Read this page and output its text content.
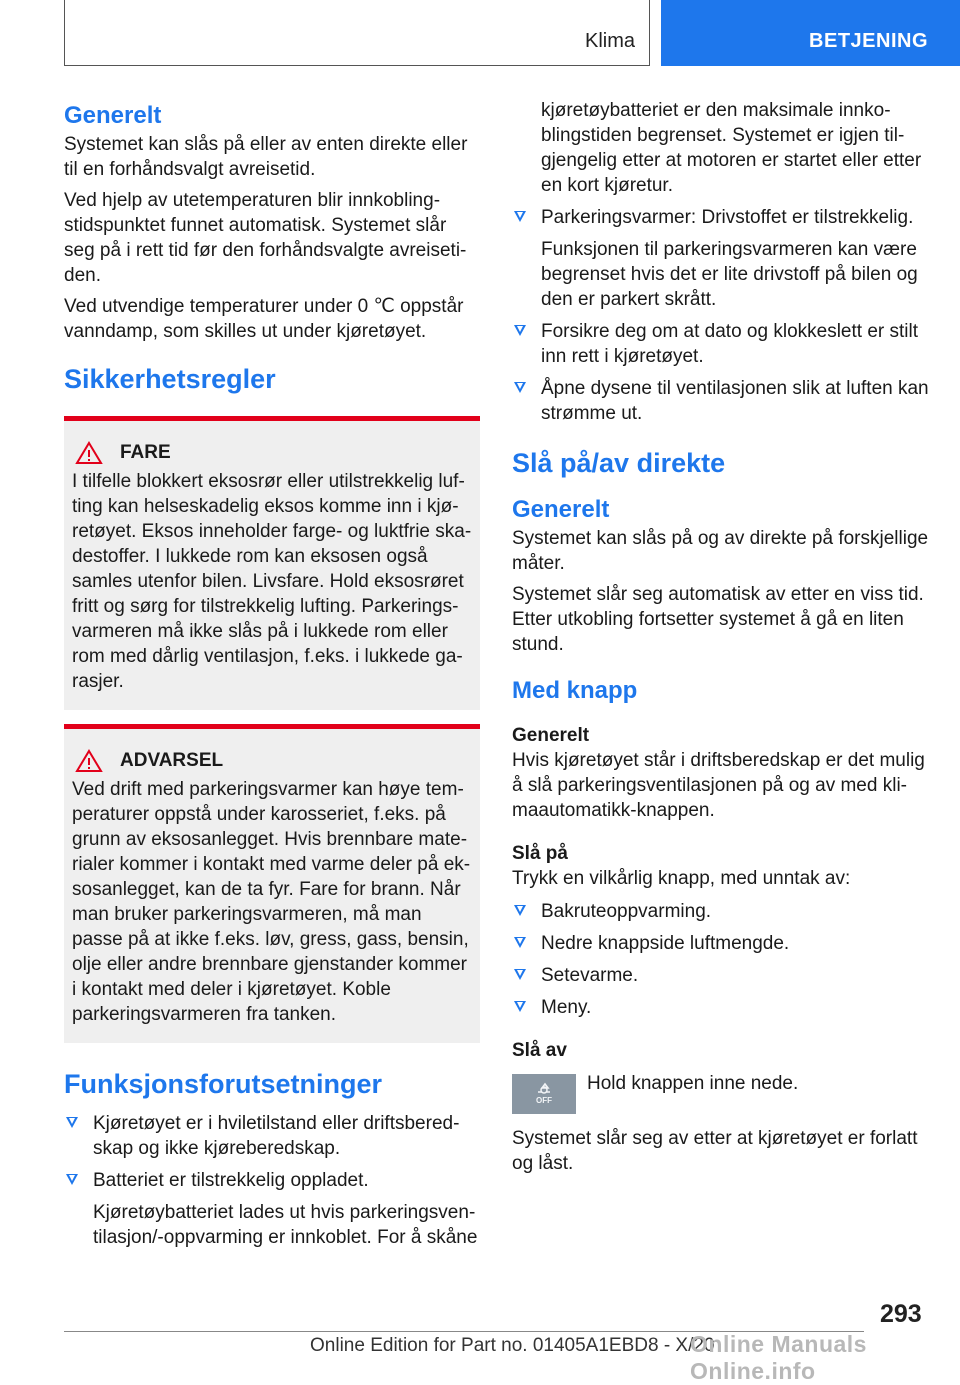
Klima	BETJENING
Generelt
Systemet kan slås på eller av enten direkte eller til en forhåndsvalgt avreisetid.
Ved hjelp av utetemperaturen blir innkoblingstidspunktet funnet automatisk. Systemet slår seg på i rett tid før den forhåndsvalgte avreisetiden.
Ved utvendige temperaturer under 0 ℃ oppstår vanndamp, som skilles ut under kjøretøyet.
Sikkerhetsregler
FARE
I tilfelle blokkert eksosrør eller utilstrekkelig lufting kan helseskadelig eksos komme inn i kjøretøyet. Eksos inneholder farge- og luktfrie skadestoffer. I lukkede rom kan eksosen også samles utenfor bilen. Livsfare. Hold eksosrøret fritt og sørg for tilstrekkelig lufting. Parkeringsvarmeren må ikke slås på i lukkede rom eller rom med dårlig ventilasjon, f.eks. i lukkede garasjer.
ADVARSEL
Ved drift med parkeringsvarmer kan høye temperaturer oppstå under karosseriet, f.eks. på grunn av eksosanlegget. Hvis brennbare materialer kommer i kontakt med varme deler på eksosanlegget, kan de ta fyr. Fare for brann. Når man bruker parkeringsvarmeren, må man passe på at ikke f.eks. løv, gress, gass, bensin, olje eller andre brennbare gjenstander kommer i kontakt med deler i kjøretøyet. Koble parkeringsvarmeren fra tanken.
Funksjonsforutsetninger
Kjøretøyet er i hviletilstand eller driftsberedskap og ikke kjøreberedskap.
Batteriet er tilstrekkelig oppladet.
Kjøretøybatteriet lades ut hvis parkeringsventilasjon/-oppvarming er innkoblet. For å skåne
kjøretøybatteriet er den maksimale innkoblingstiden begrenset. Systemet er igjen tilgjengelig etter at motoren er startet eller etter en kort kjøretur.
Parkeringsvarmer: Drivstoffet er tilstrekkelig.
Funksjonen til parkeringsvarmeren kan være begrenset hvis det er lite drivstoff på bilen og den er parkert skrått.
Forsikre deg om at dato og klokkeslett er stilt inn rett i kjøretøyet.
Åpne dysene til ventilasjonen slik at luften kan strømme ut.
Slå på/av direkte
Generelt
Systemet kan slås på og av direkte på forskjellige måter.
Systemet slår seg automatisk av etter en viss tid. Etter utkobling fortsetter systemet å gå en liten stund.
Med knapp
Generelt
Hvis kjøretøyet står i driftsberedskap er det mulig å slå parkeringsventilasjonen på og av med klimaautomatikk-knappen.
Slå på
Trykk en vilkårlig knapp, med unntak av:
Bakruteoppvarming.
Nedre knappside luftmengde.
Setevarme.
Meny.
Slå av
OFF
Hold knappen inne nede.
Systemet slår seg av etter at kjøretøyet er forlatt og låst.
293
Online Edition for Part no. 01405A1EBD8 - X/20
Online Manuals Online.info
